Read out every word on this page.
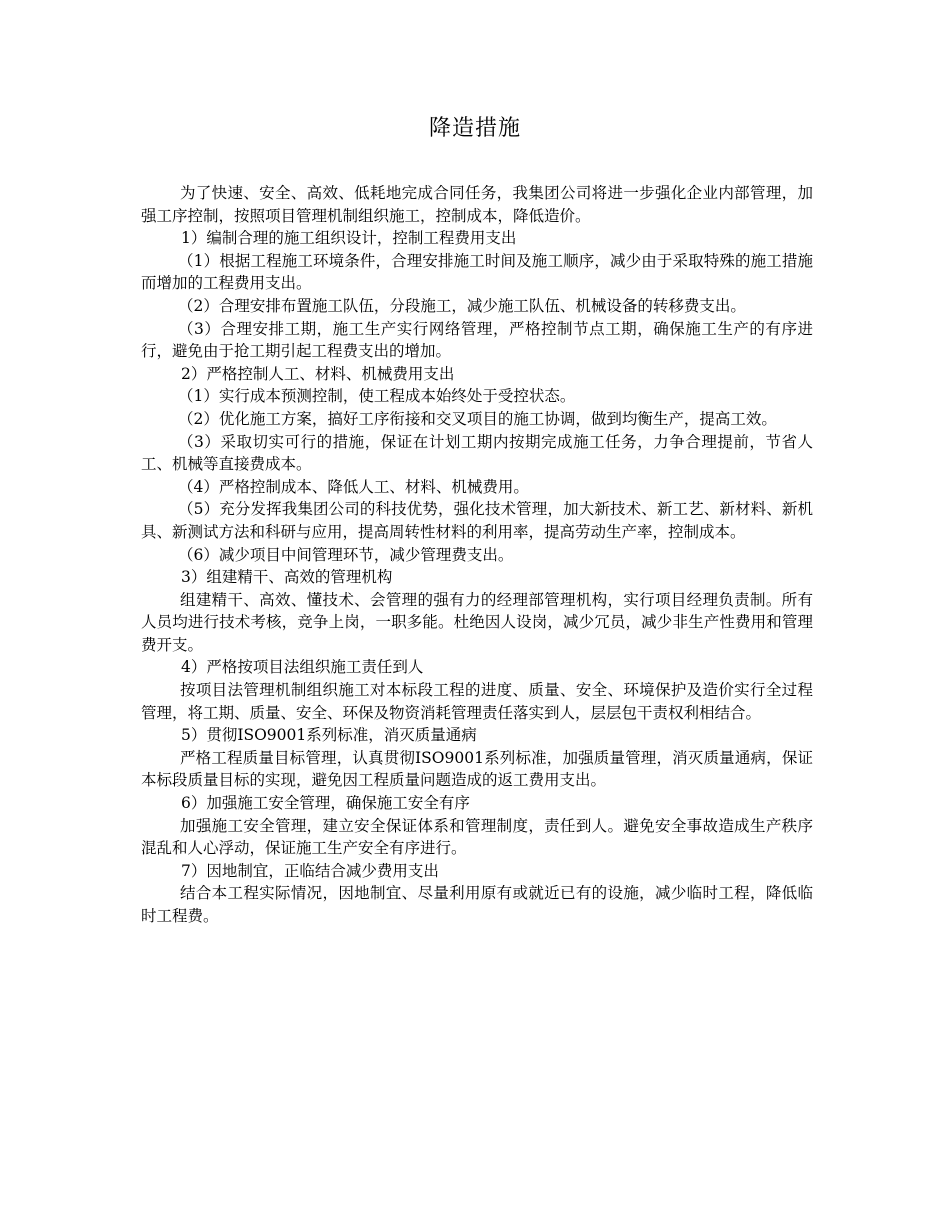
降造措施

为了快速、安全、高效、低耗地完成合同任务，我集团公司将进一步强化企业内部管理，加强工序控制，按照项目管理机制组织施工，控制成本，降低造价。

1）编制合理的施工组织设计，控制工程费用支出

（1）根据工程施工环境条件，合理安排施工时间及施工顺序，减少由于采取特殊的施工措施而增加的工程费用支出。

（2）合理安排布置施工队伍，分段施工，减少施工队伍、机械设备的转移费支出。

（3）合理安排工期，施工生产实行网络管理，严格控制节点工期，确保施工生产的有序进行，避免由于抢工期引起工程费支出的增加。

2）严格控制人工、材料、机械费用支出

（1）实行成本预测控制，使工程成本始终处于受控状态。

（2）优化施工方案，搞好工序衔接和交叉项目的施工协调，做到均衡生产，提高工效。

（3）采取切实可行的措施，保证在计划工期内按期完成施工任务，力争合理提前，节省人工、机械等直接费成本。

（4）严格控制成本、降低人工、材料、机械费用。

（5）充分发挥我集团公司的科技优势，强化技术管理，加大新技术、新工艺、新材料、新机具、新测试方法和科研与应用，提高周转性材料的利用率，提高劳动生产率，控制成本。

（6）减少项目中间管理环节，减少管理费支出。

3）组建精干、高效的管理机构

组建精干、高效、懂技术、会管理的强有力的经理部管理机构，实行项目经理负责制。所有人员均进行技术考核，竞争上岗，一职多能。杜绝因人设岗，减少冗员，减少非生产性费用和管理费开支。

4）严格按项目法组织施工责任到人

按项目法管理机制组织施工对本标段工程的进度、质量、安全、环境保护及造价实行全过程管理，将工期、质量、安全、环保及物资消耗管理责任落实到人，层层包干责权利相结合。

5）贯彻ISO9001系列标准，消灭质量通病

严格工程质量目标管理，认真贯彻ISO9001系列标准，加强质量管理，消灭质量通病，保证本标段质量目标的实现，避免因工程质量问题造成的返工费用支出。

6）加强施工安全管理，确保施工安全有序

加强施工安全管理，建立安全保证体系和管理制度，责任到人。避免安全事故造成生产秩序混乱和人心浮动，保证施工生产安全有序进行。

7）因地制宜，正临结合减少费用支出

结合本工程实际情况，因地制宜、尽量利用原有或就近已有的设施，减少临时工程，降低临时工程费。
